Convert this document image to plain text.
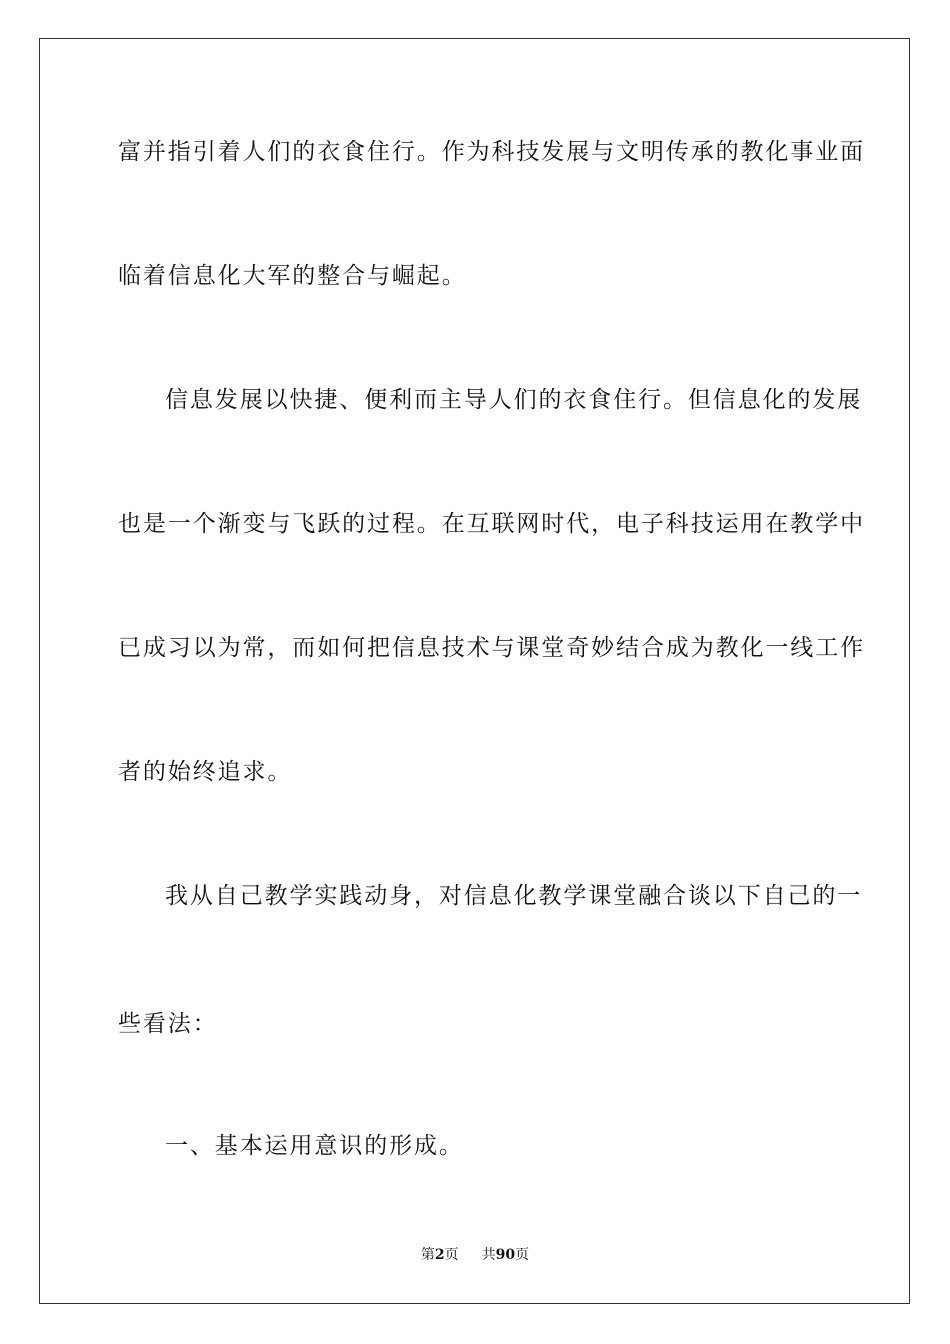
富并指引着人们的衣食住行。作为科技发展与文明传承的教化事业面
临着信息化大军的整合与崛起。
信息发展以快捷、便利而主导人们的衣食住行。但信息化的发展
也是一个渐变与飞跃的过程。在互联网时代，电子科技运用在教学中
已成习以为常，而如何把信息技术与课堂奇妙结合成为教化一线工作
者的始终追求。
我从自己教学实践动身，对信息化教学课堂融合谈以下自己的一
些看法：
一、基本运用意识的形成。
第2页 共90页
